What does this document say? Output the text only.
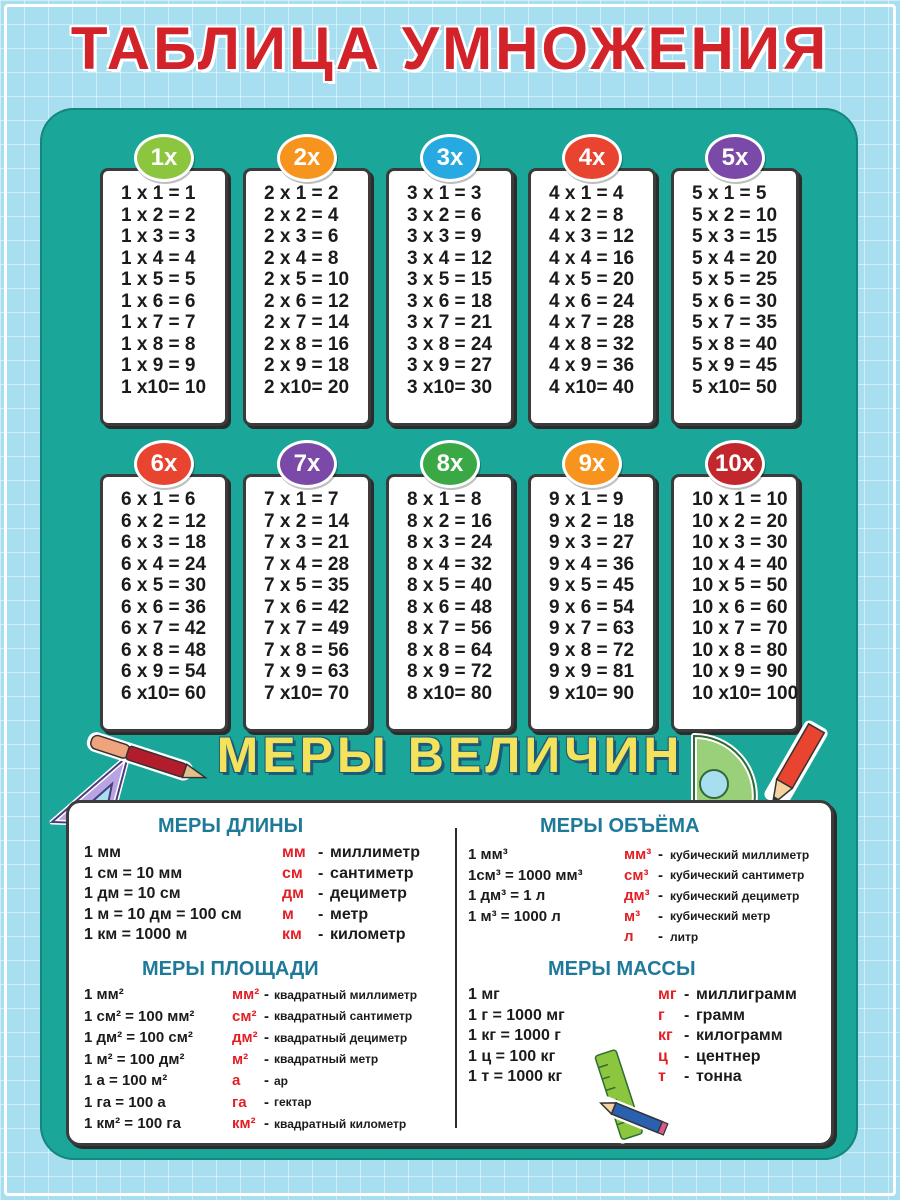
ТАБЛИЦА УМНОЖЕНИЯ
1 x 1 = 1
1 x 2 = 2
1 x 3 = 3
1 x 4 = 4
1 x 5 = 5
1 x 6 = 6
1 x 7 = 7
1 x 8 = 8
1 x 9 = 9
1 x10= 10
1x
2 x 1 = 2
2 x 2 = 4
2 x 3 = 6
2 x 4 = 8
2 x 5 = 10
2 x 6 = 12
2 x 7 = 14
2 x 8 = 16
2 x 9 = 18
2 x10= 20
2x
3 x 1 = 3
3 x 2 = 6
3 x 3 = 9
3 x 4 = 12
3 x 5 = 15
3 x 6 = 18
3 x 7 = 21
3 x 8 = 24
3 x 9 = 27
3 x10= 30
3x
4 x 1 = 4
4 x 2 = 8
4 x 3 = 12
4 x 4 = 16
4 x 5 = 20
4 x 6 = 24
4 x 7 = 28
4 x 8 = 32
4 x 9 = 36
4 x10= 40
4x
5 x 1 = 5
5 x 2 = 10
5 x 3 = 15
5 x 4 = 20
5 x 5 = 25
5 x 6 = 30
5 x 7 = 35
5 x 8 = 40
5 x 9 = 45
5 x10= 50
5x
6 x 1 = 6
6 x 2 = 12
6 x 3 = 18
6 x 4 = 24
6 x 5 = 30
6 x 6 = 36
6 x 7 = 42
6 x 8 = 48
6 x 9 = 54
6 x10= 60
6x
7 x 1 = 7
7 x 2 = 14
7 x 3 = 21
7 x 4 = 28
7 x 5 = 35
7 x 6 = 42
7 x 7 = 49
7 x 8 = 56
7 x 9 = 63
7 x10= 70
7x
8 x 1 = 8
8 x 2 = 16
8 x 3 = 24
8 x 4 = 32
8 x 5 = 40
8 x 6 = 48
8 x 7 = 56
8 x 8 = 64
8 x 9 = 72
8 x10= 80
8x
9 x 1 = 9
9 x 2 = 18
9 x 3 = 27
9 x 4 = 36
9 x 5 = 45
9 x 6 = 54
9 x 7 = 63
9 x 8 = 72
9 x 9 = 81
9 x10= 90
9x
10 x 1 = 10
10 x 2 = 20
10 x 3 = 30
10 x 4 = 40
10 x 5 = 50
10 x 6 = 60
10 x 7 = 70
10 x 8 = 80
10 x 9 = 90
10 x10= 100
10x
МЕРЫ ВЕЛИЧИН
МЕРЫ ДЛИНЫ	МЕРЫ ОБЪЁМА
МЕРЫ ПЛОЩАДИ	МЕРЫ МАССЫ
1 мм	мм миллиметр
-
1 см = 10 мм	см сантиметр
-
1 дм = 10 см	дм дециметр
-
1 м = 10 дм = 100 см	м метр
-
1 км = 1000 м	км километр
-
1 мм³	мм³ кубический миллиметр
-
1см³ = 1000 мм³	см³ кубический сантиметр
-
1 дм³ = 1 л	дм³ кубический дециметр
-
1 м³ = 1000 л	м³ кубический метр
-
л	литр
-
1 мм²	мм² квадратный миллиметр
-
1 см² = 100 мм²	см² квадратный сантиметр
-
1 дм² = 100 см²	дм² квадратный дециметр
-
1 м² = 100 дм²	м² квадратный метр
-
1 а = 100 м²	а	ар
-
1 га = 100 а	га гектар
-
1 км² = 100 га	км² квадратный километр
-
1 мг	мг миллиграмм
-
1 г = 1000 мг	г грамм
-
1 кг = 1000 г	кг килограмм
-
1 ц = 100 кг	ц центнер
-
1 т = 1000 кг	т тонна
-
